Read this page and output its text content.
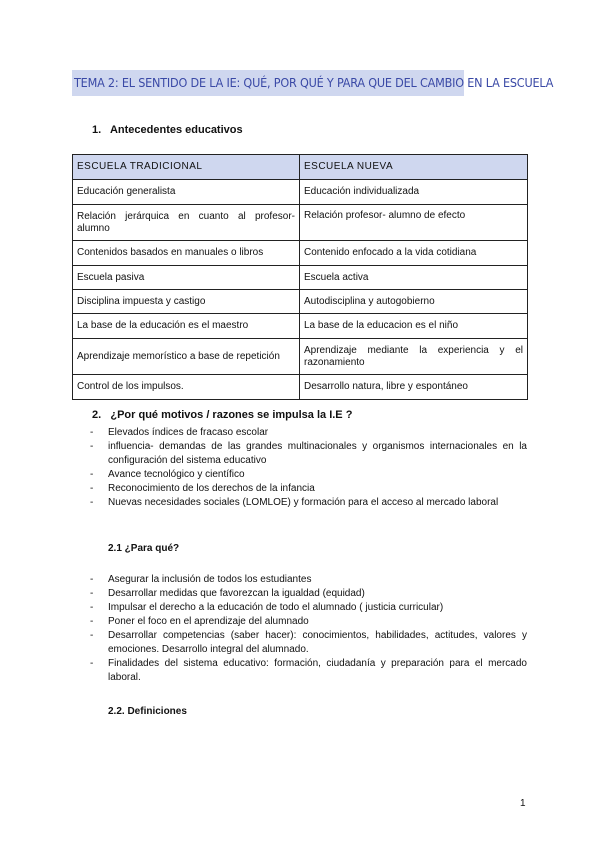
TEMA 2: EL SENTIDO DE LA IE: QUÉ, POR QUÉ Y PARA QUE DEL CAMBIO EN LA ESCUELA
1. Antecedentes educativos
ESCUELA TRADICIONAL	ESCUELA NUEVA
Educación generalista	Educación individualizada
Relación jerárquica en cuanto al profesor-alumno	Relación profesor- alumno de efecto
Contenidos basados en manuales o libros	Contenido enfocado a la vida cotidiana
Escuela pasiva	Escuela activa
Disciplina impuesta y castigo	Autodisciplina y autogobierno
La base de la educación es el maestro	La base de la educacion es el niño
Aprendizaje memorístico a base de repetición	Aprendizaje mediante la experiencia y el razonamiento
Control de los impulsos.	Desarrollo natura, libre y espontáneo
2. ¿Por qué motivos / razones se impulsa la I.E ?
- Elevados índices de fracaso escolar
- influencia- demandas de las grandes multinacionales y organismos internacionales en la configuración del sistema educativo
- Avance tecnológico y científico
- Reconocimiento de los derechos de la infancia
- Nuevas necesidades sociales (LOMLOE) y formación para el acceso al mercado laboral
2.1 ¿Para qué?
- Asegurar la inclusión de todos los estudiantes
- Desarrollar medidas que favorezcan la igualdad (equidad)
- Impulsar el derecho a la educación de todo el alumnado ( justicia curricular)
- Poner el foco en el aprendizaje del alumnado
- Desarrollar competencias (saber hacer): conocimientos, habilidades, actitudes, valores y emociones. Desarrollo integral del alumnado.
- Finalidades del sistema educativo: formación, ciudadanía y preparación para el mercado laboral.
2.2. Definiciones
1
